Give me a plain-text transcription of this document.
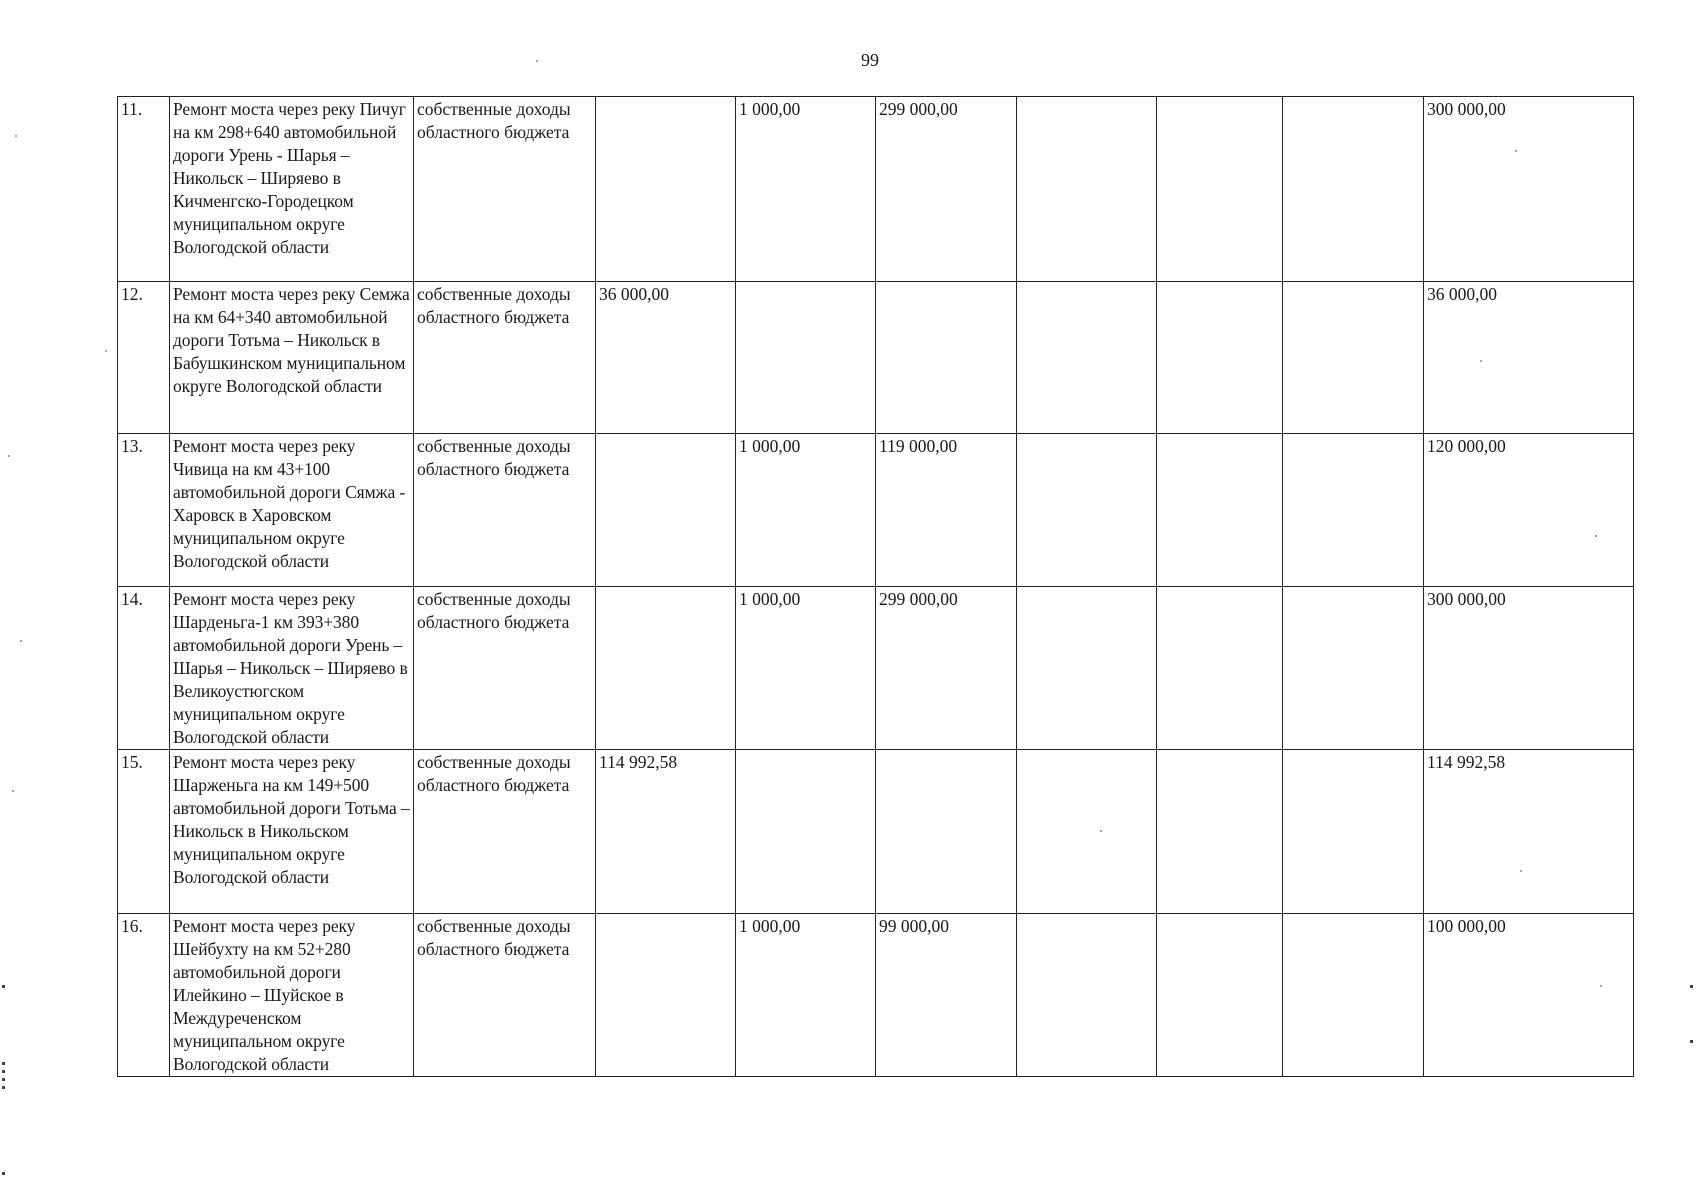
99
11.	Ремонт моста через реку Пичуг на км 298+640 автомобильной дороги Урень - Шарья – Никольск – Ширяево в Кичменгско-Городецком муниципальном округе Вологодской области	собственные доходы областного бюджета		1 000,00	299 000,00				300 000,00
12.	Ремонт моста через реку Семжа на км 64+340 автомобильной дороги Тотьма – Никольск в Бабушкинском муниципальном округе Вологодской области	собственные доходы областного бюджета	36 000,00						36 000,00
13.	Ремонт моста через реку Чивица на км 43+100 автомобильной дороги Сямжа - Харовск в Харовском муниципальном округе Вологодской области	собственные доходы областного бюджета		1 000,00	119 000,00				120 000,00
14.	Ремонт моста через реку Шарденьга-1 км 393+380 автомобильной дороги Урень – Шарья – Никольск – Ширяево в Великоустюгском муниципальном округе Вологодской области	собственные доходы областного бюджета		1 000,00	299 000,00				300 000,00
15.	Ремонт моста через реку Шарженьга на км 149+500 автомобильной дороги Тотьма – Никольск в Никольском муниципальном округе Вологодской области	собственные доходы областного бюджета	114 992,58						114 992,58
16.	Ремонт моста через реку Шейбухту на км 52+280 автомобильной дороги Илейкино – Шуйское в Междуреченском муниципальном округе Вологодской области	собственные доходы областного бюджета		1 000,00	99 000,00				100 000,00
